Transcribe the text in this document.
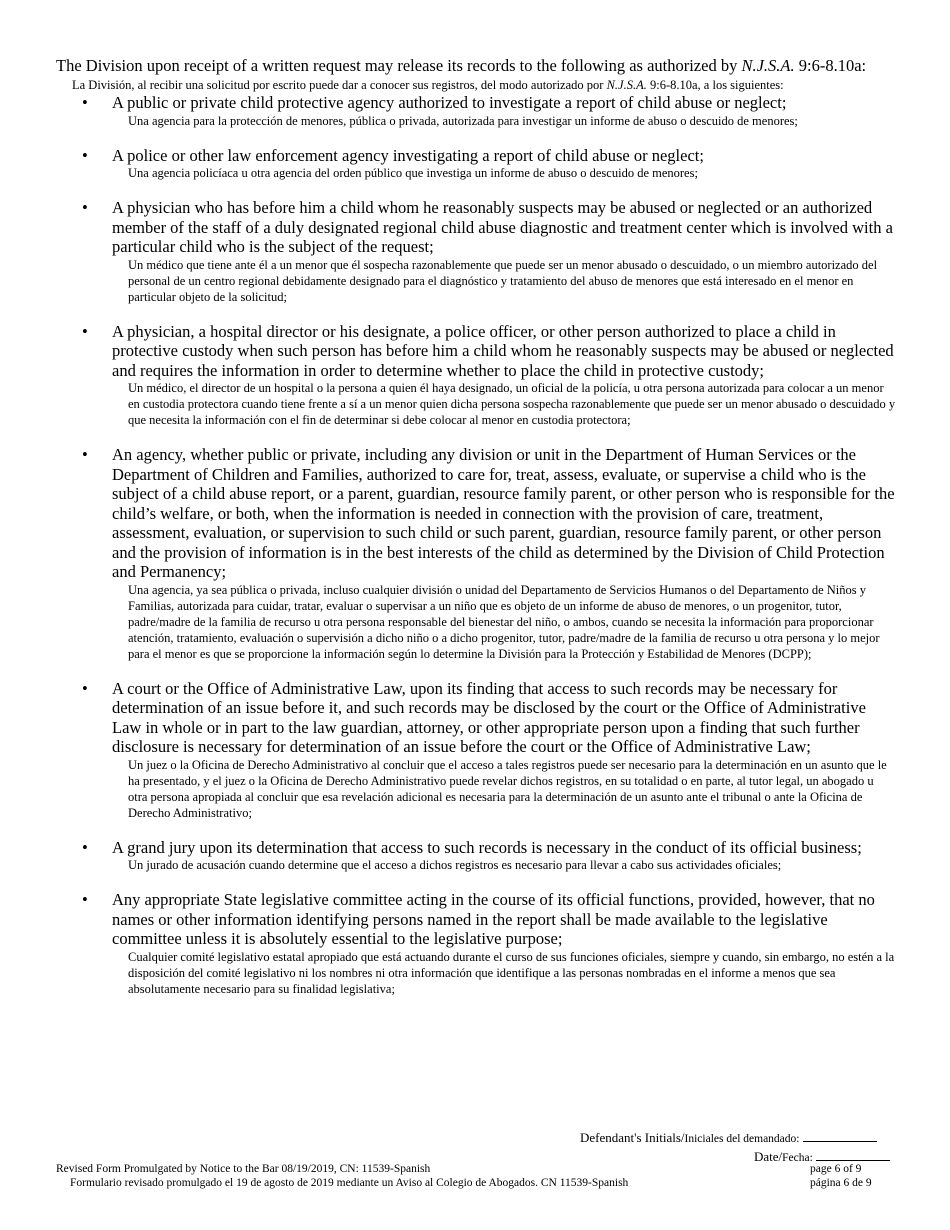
The Division upon receipt of a written request may release its records to the following as authorized by N.J.S.A. 9:6-8.10a:

La División, al recibir una solicitud por escrito puede dar a conocer sus registros, del modo autorizado por N.J.S.A. 9:6-8.10a, a los siguientes:

• A public or private child protective agency authorized to investigate a report of child abuse or neglect;

Una agencia para la protección de menores, pública o privada, autorizada para investigar un informe de abuso o descuido de menores;

• A police or other law enforcement agency investigating a report of child abuse or neglect;

Una agencia policíaca u otra agencia del orden público que investiga un informe de abuso o descuido de menores;

• A physician who has before him a child whom he reasonably suspects may be abused or neglected or an authorized member of the staff of a duly designated regional child abuse diagnostic and treatment center which is involved with a particular child who is the subject of the request;

Un médico que tiene ante él a un menor que él sospecha razonablemente que puede ser un menor abusado o descuidado, o un miembro autorizado del personal de un centro regional debidamente designado para el diagnóstico y tratamiento del abuso de menores que está interesado en el menor en particular objeto de la solicitud;

• A physician, a hospital director or his designate, a police officer, or other person authorized to place a child in protective custody when such person has before him a child whom he reasonably suspects may be abused or neglected and requires the information in order to determine whether to place the child in protective custody;

Un médico, el director de un hospital o la persona a quien él haya designado, un oficial de la policía, u otra persona autorizada para colocar a un menor en custodia protectora cuando tiene frente a sí a un menor quien dicha persona sospecha razonablemente que puede ser un menor abusado o descuidado y que necesita la información con el fin de determinar si debe colocar al menor en custodia protectora;

• An agency, whether public or private, including any division or unit in the Department of Human Services or the Department of Children and Families, authorized to care for, treat, assess, evaluate, or supervise a child who is the subject of a child abuse report, or a parent, guardian, resource family parent, or other person who is responsible for the child’s welfare, or both, when the information is needed in connection with the provision of care, treatment, assessment, evaluation, or supervision to such child or such parent, guardian, resource family parent, or other person and the provision of information is in the best interests of the child as determined by the Division of Child Protection and Permanency;

Una agencia, ya sea pública o privada, incluso cualquier división o unidad del Departamento de Servicios Humanos o del Departamento de Niños y Familias, autorizada para cuidar, tratar, evaluar o supervisar a un niño que es objeto de un informe de abuso de menores, o un progenitor, tutor, padre/madre de la familia de recurso u otra persona responsable del bienestar del niño, o ambos, cuando se necesita la información para proporcionar atención, tratamiento, evaluación o supervisión a dicho niño o a dicho progenitor, tutor, padre/madre de la familia de recurso u otra persona y lo mejor para el menor es que se proporcione la información según lo determine la División para la Protección y Estabilidad de Menores (DCPP);

• A court or the Office of Administrative Law, upon its finding that access to such records may be necessary for determination of an issue before it, and such records may be disclosed by the court or the Office of Administrative Law in whole or in part to the law guardian, attorney, or other appropriate person upon a finding that such further disclosure is necessary for determination of an issue before the court or the Office of Administrative Law;

Un juez o la Oficina de Derecho Administrativo al concluir que el acceso a tales registros puede ser necesario para la determinación en un asunto que le ha presentado, y el juez o la Oficina de Derecho Administrativo puede revelar dichos registros, en su totalidad o en parte, al tutor legal, un abogado u otra persona apropiada al concluir que esa revelación adicional es necesaria para la determinación de un asunto ante el tribunal o ante la Oficina de Derecho Administrativo;

• A grand jury upon its determination that access to such records is necessary in the conduct of its official business;

Un jurado de acusación cuando determine que el acceso a dichos registros es necesario para llevar a cabo sus actividades oficiales;

• Any appropriate State legislative committee acting in the course of its official functions, provided, however, that no names or other information identifying persons named in the report shall be made available to the legislative committee unless it is absolutely essential to the legislative purpose;

Cualquier comité legislativo estatal apropiado que está actuando durante el curso de sus funciones oficiales, siempre y cuando, sin embargo, no estén a la disposición del comité legislativo ni los nombres ni otra información que identifique a las personas nombradas en el informe a menos que sea absolutamente necesario para su finalidad legislativa;

Defendant's Initials/Iniciales del demandado:
Date/Fecha:
Revised Form Promulgated by Notice to the Bar 08/19/2019, CN: 11539-Spanish
Formulario revisado promulgado el 19 de agosto de 2019 mediante un Aviso al Colegio de Abogados. CN 11539-Spanish
page 6 of 9
página 6 de 9
